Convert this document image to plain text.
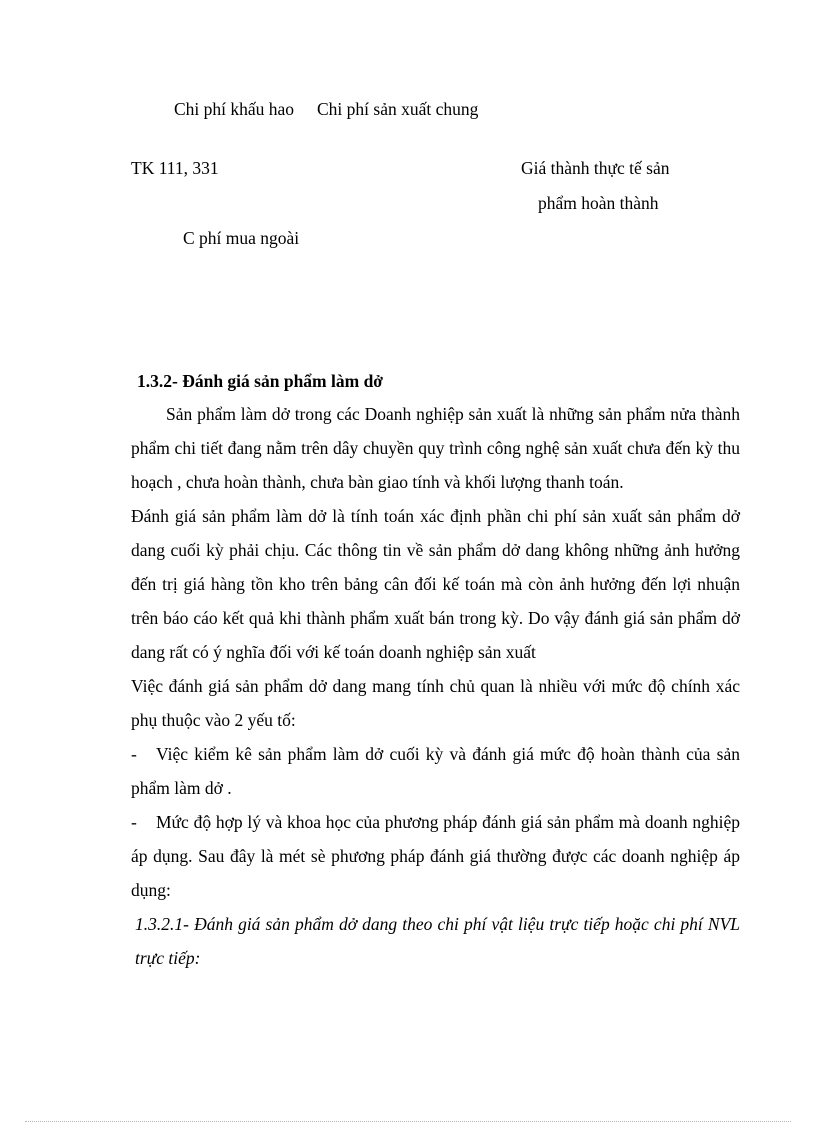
Chi phí khấu hao Chi phí sản xuất chung
TK 111, 331	Giá thành thực tế sản
phẩm hoàn thành
C phí mua ngoài
1.3.2- Đánh giá sản phẩm làm dở

Sản phẩm làm dở trong các Doanh nghiệp sản xuất là những sản phẩm nửa thành phẩm chi tiết đang nằm trên dây chuyền quy trình công nghệ sản xuất chưa đến kỳ thu hoạch , chưa hoàn thành, chưa bàn giao tính và khối lượng thanh toán.

Đánh giá sản phẩm làm dở là tính toán xác định phần chi phí sản xuất sản phẩm dở dang cuối kỳ phải chịu. Các thông tin về sản phẩm dở dang không những ảnh hưởng đến trị giá hàng tồn kho trên bảng cân đối kế toán mà còn ảnh hưởng đến lợi nhuận trên báo cáo kết quả khi thành phẩm xuất bán trong kỳ. Do vậy đánh giá sản phẩm dở dang rất có ý nghĩa đối với kế toán doanh nghiệp sản xuất

Việc đánh giá sản phẩm dở dang mang tính chủ quan là nhiều với mức độ chính xác phụ thuộc vào 2 yếu tố:

- Việc kiểm kê sản phẩm làm dở cuối kỳ và đánh giá mức độ hoàn thành của sản phẩm làm dở .

- Mức độ hợp lý và khoa học của phương pháp đánh giá sản phẩm mà doanh nghiệp áp dụng. Sau đây là mét sè phương pháp đánh giá thường được các doanh nghiệp áp dụng:

1.3.2.1- Đánh giá sản phẩm dở dang theo chi phí vật liệu trực tiếp hoặc chi phí NVL trực tiếp:
